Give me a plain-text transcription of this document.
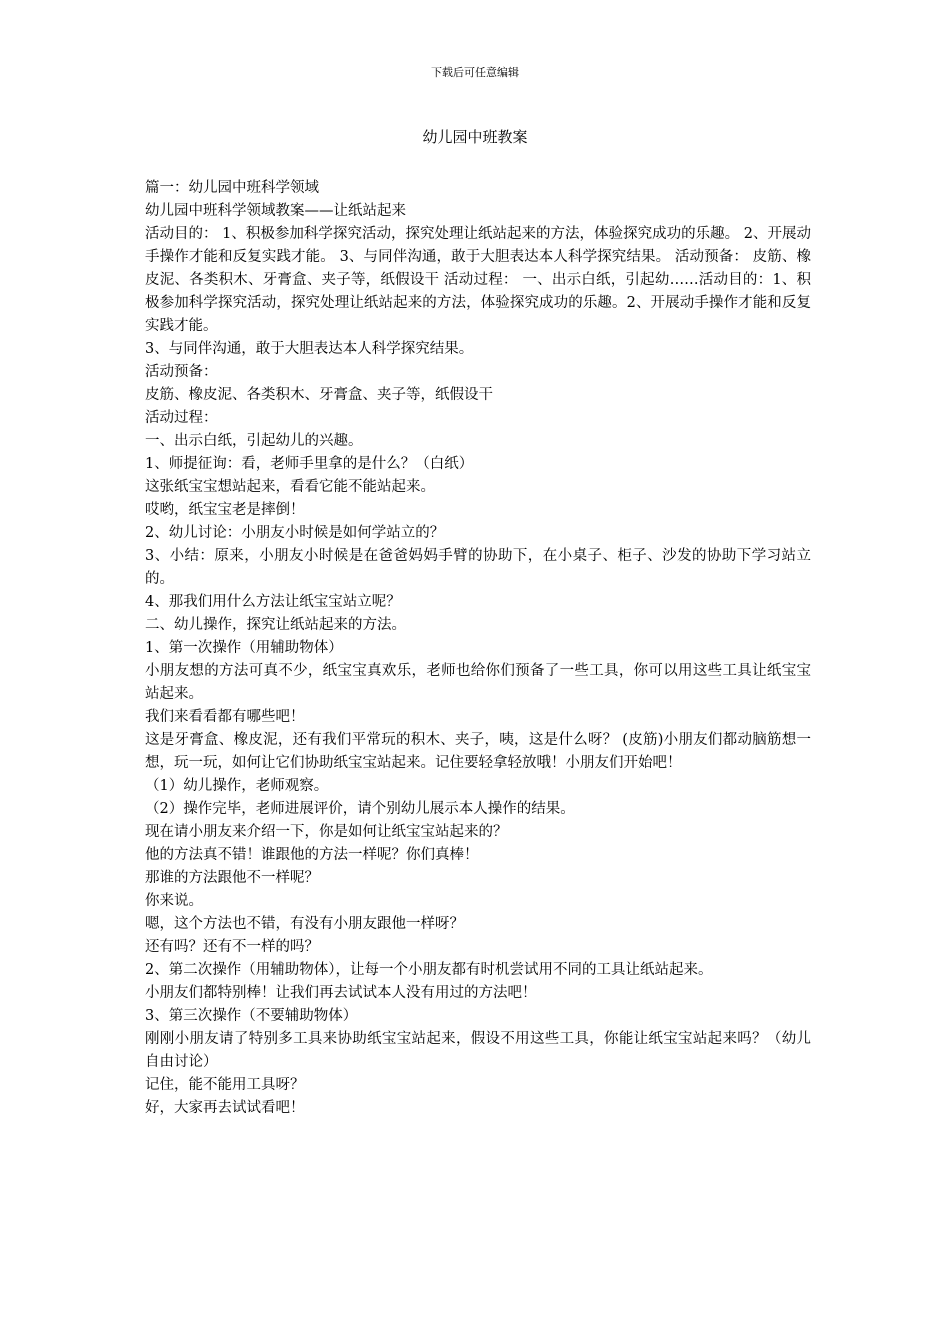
下载后可任意编辑
幼儿园中班教案

篇一：幼儿园中班科学领域

幼儿园中班科学领域教案——让纸站起来

活动目的： 1、积极参加科学探究活动，探究处理让纸站起来的方法，体验探究成功的乐趣。 2、开展动手操作才能和反复实践才能。 3、与同伴沟通，敢于大胆表达本人科学探究结果。 活动预备： 皮筋、橡皮泥、各类积木、牙膏盒、夹子等，纸假设干 活动过程： 一、出示白纸，引起幼……活动目的：1、积极参加科学探究活动，探究处理让纸站起来的方法，体验探究成功的乐趣。2、开展动手操作才能和反复实践才能。

3、与同伴沟通，敢于大胆表达本人科学探究结果。

活动预备：

皮筋、橡皮泥、各类积木、牙膏盒、夹子等，纸假设干

活动过程：

一、出示白纸，引起幼儿的兴趣。

1、师提征询：看，老师手里拿的是什么？（白纸）

这张纸宝宝想站起来，看看它能不能站起来。

哎哟，纸宝宝老是摔倒！

2、幼儿讨论：小朋友小时候是如何学站立的？

3、小结：原来，小朋友小时候是在爸爸妈妈手臂的协助下，在小桌子、柜子、沙发的协助下学习站立的。

4、那我们用什么方法让纸宝宝站立呢？

二、幼儿操作，探究让纸站起来的方法。

1、第一次操作（用辅助物体）

小朋友想的方法可真不少，纸宝宝真欢乐，老师也给你们预备了一些工具，你可以用这些工具让纸宝宝站起来。

我们来看看都有哪些吧！

这是牙膏盒、橡皮泥，还有我们平常玩的积木、夹子，咦，这是什么呀？ (皮筋)小朋友们都动脑筋想一想，玩一玩，如何让它们协助纸宝宝站起来。记住要轻拿轻放哦！小朋友们开始吧！

（1）幼儿操作，老师观察。

（2）操作完毕，老师进展评价，请个别幼儿展示本人操作的结果。

现在请小朋友来介绍一下，你是如何让纸宝宝站起来的？

他的方法真不错！谁跟他的方法一样呢？你们真棒！

那谁的方法跟他不一样呢？

你来说。

嗯，这个方法也不错，有没有小朋友跟他一样呀？

还有吗？还有不一样的吗？

2、第二次操作（用辅助物体），让每一个小朋友都有时机尝试用不同的工具让纸站起来。

小朋友们都特别棒！让我们再去试试本人没有用过的方法吧！

3、第三次操作（不要辅助物体）

刚刚小朋友请了特别多工具来协助纸宝宝站起来，假设不用这些工具，你能让纸宝宝站起来吗？（幼儿自由讨论）

记住，能不能用工具呀？

好，大家再去试试看吧！
